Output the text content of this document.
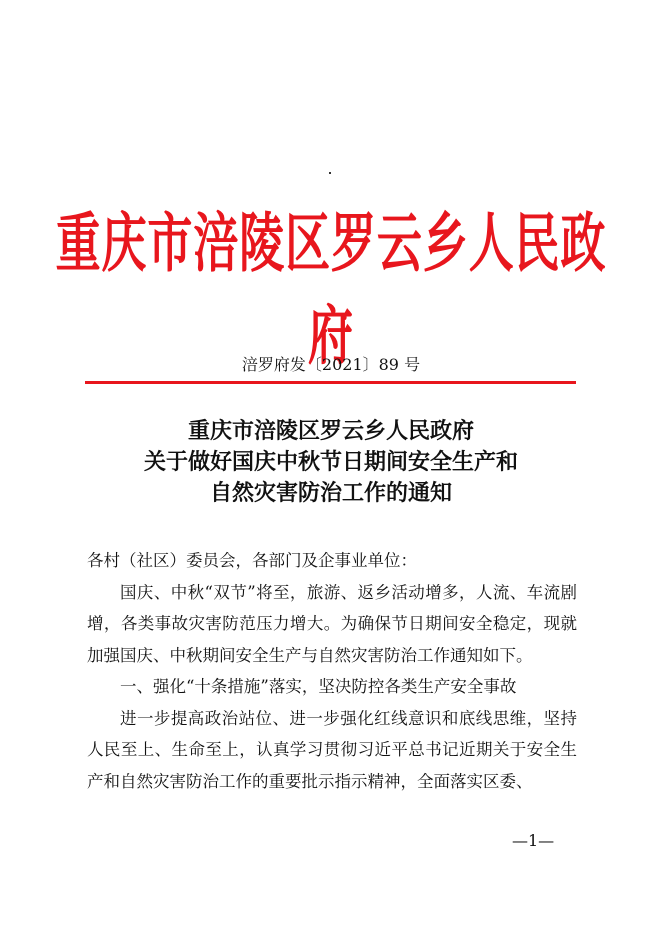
重庆市涪陵区罗云乡人民政府
涪罗府发〔2021〕89 号
重庆市涪陵区罗云乡人民政府
关于做好国庆中秋节日期间安全生产和
自然灾害防治工作的通知

各村（社区）委员会，各部门及企事业单位：

国庆、中秋“双节”将至，旅游、返乡活动增多，人流、车流剧增，各类事故灾害防范压力增大。为确保节日期间安全稳定，现就加强国庆、中秋期间安全生产与自然灾害防治工作通知如下。

一、强化“十条措施”落实，坚决防控各类生产安全事故

进一步提高政治站位、进一步强化红线意识和底线思维，坚持人民至上、生命至上，认真学习贯彻习近平总书记近期关于安全生产和自然灾害防治工作的重要批示指示精神，全面落实区委、

—1—
